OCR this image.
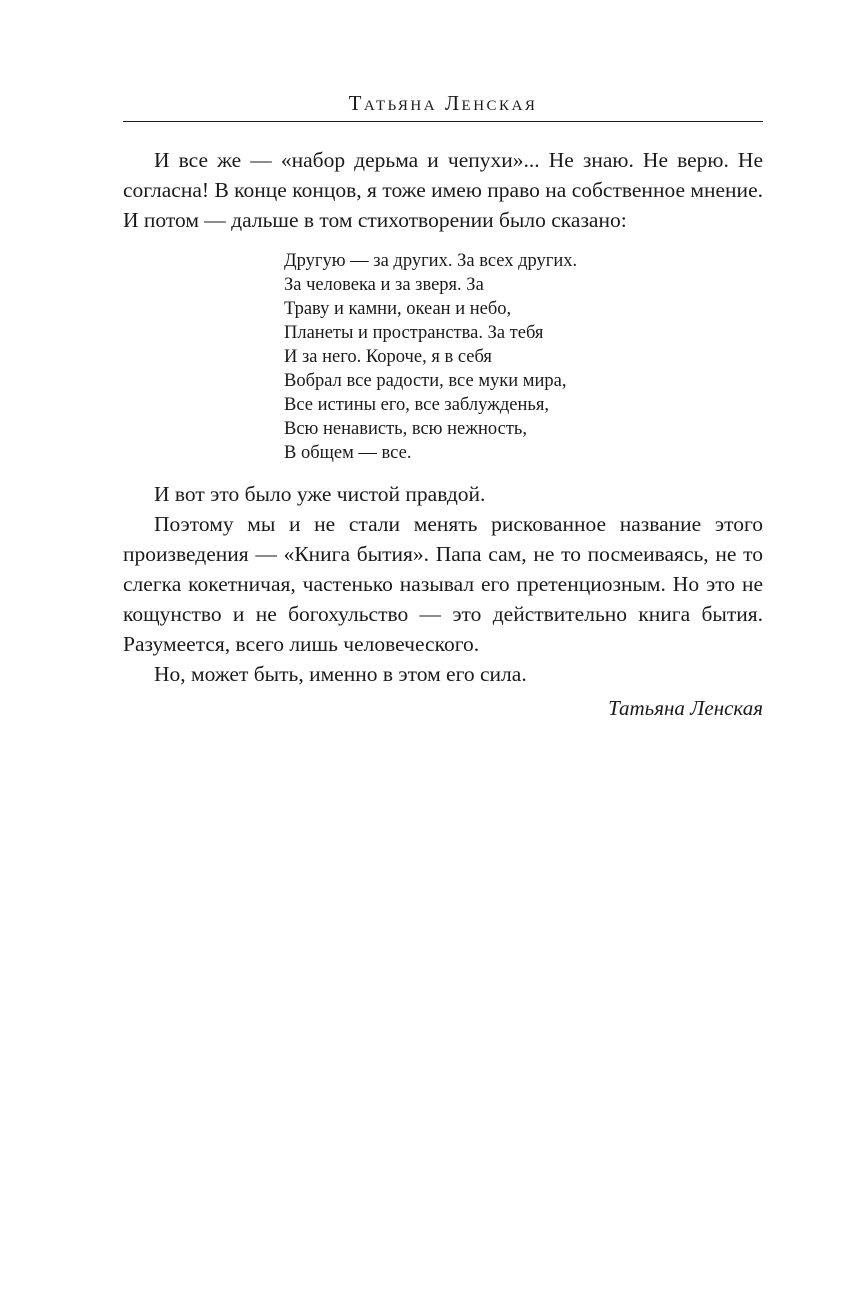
Татьяна Ленская

И все же — «набор дерьма и чепухи»... Не знаю. Не верю. Не согласна! В конце концов, я тоже имею право на собственное мнение. И потом — дальше в том стихотворении было сказано:

Другую — за других. За всех других.
За человека и за зверя. За
Траву и камни, океан и небо,
Планеты и пространства. За тебя
И за него. Короче, я в себя
Вобрал все радости, все муки мира,
Все истины его, все заблужденья,
Всю ненависть, всю нежность,
В общем — все.

И вот это было уже чистой правдой.

Поэтому мы и не стали менять рискованное название этого произведения — «Книга бытия». Папа сам, не то посмеиваясь, не то слегка кокетничая, частенько называл его претенциозным. Но это не кощунство и не богохульство — это действительно книга бытия. Разумеется, всего лишь человеческого.

Но, может быть, именно в этом его сила.

Татьяна Ленская
